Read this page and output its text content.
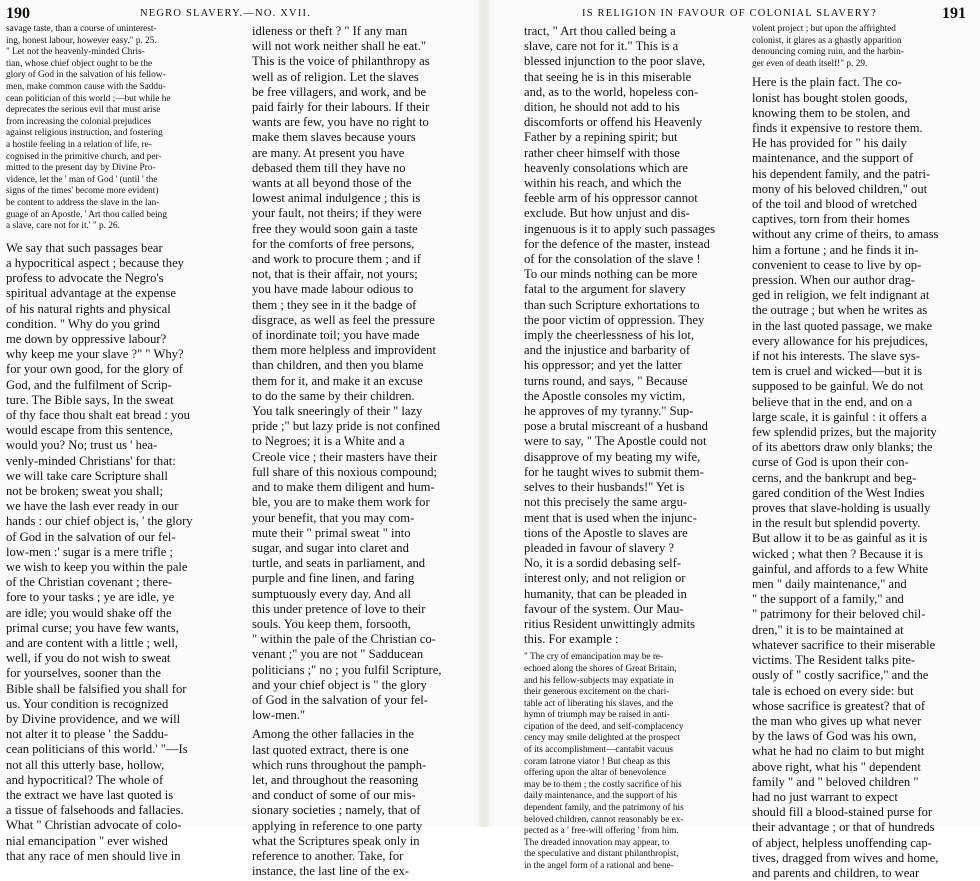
190	NEGRO SLAVERY.—NO. XVII.
savage taste, than a course of uninterest-
ing, honest labour, however easy." p. 25.
" Let not the heavenly-minded Chris-
tian, whose chief object ought to be the
glory of God in the salvation of his fellow-
men, make common cause with the Saddu-
cean politician of this world ;—but while he
deprecates the serious evil that must arise
from increasing the colonial prejudices
against religious instruction, and fostering
a hostile feeling in a relation of life, re-
cognised in the primitive church, and per-
mitted to the present day by Divine Pro-
vidence, let the ' man of God ' (until ' the
signs of the times' become more evident)
be content to address the slave in the lan-
guage of an Apostle, ' Art thou called being
a slave, care not for it.' " p. 26.
We say that such passages bear
a hypocritical aspect ; because they
profess to advocate the Negro's
spiritual advantage at the expense
of his natural rights and physical
condition. " Why do you grind
me down by oppressive labour?
why keep me your slave ?" " Why?
for your own good, for the glory of
God, and the fulfilment of Scrip-
ture. The Bible says, In the sweat
of thy face thou shalt eat bread : you
would escape from this sentence,
would you? No; trust us ' hea-
venly-minded Christians' for that:
we will take care Scripture shall
not be broken; sweat you shall;
we have the lash ever ready in our
hands : our chief object is, ' the glory
of God in the salvation of our fel-
low-men :' sugar is a mere trifle ;
we wish to keep you within the pale
of the Christian covenant ; there-
fore to your tasks ; ye are idle, ye
are idle; you would shake off the
primal curse; you have few wants,
and are content with a little ; well,
well, if you do not wish to sweat
for yourselves, sooner than the
Bible shall be falsified you shall for
us. Your condition is recognized
by Divine providence, and we will
not alter it to please ' the Saddu-
cean politicians of this world.' "—Is
not all this utterly base, hollow,
and hypocritical? The whole of
the extract we have last quoted is
a tissue of falsehoods and fallacies.
What " Christian advocate of colo-
nial emancipation " ever wished
that any race of men should live in
idleness or theft ? " If any man
will not work neither shall he eat."
This is the voice of philanthropy as
well as of religion. Let the slaves
be free villagers, and work, and be
paid fairly for their labours. If their
wants are few, you have no right to
make them slaves because yours
are many. At present you have
debased them till they have no
wants at all beyond those of the
lowest animal indulgence ; this is
your fault, not theirs; if they were
free they would soon gain a taste
for the comforts of free persons,
and work to procure them ; and if
not, that is their affair, not yours;
you have made labour odious to
them ; they see in it the badge of
disgrace, as well as feel the pressure
of inordinate toil; you have made
them more helpless and improvident
than children, and then you blame
them for it, and make it an excuse
to do the same by their children.
You talk sneeringly of their " lazy
pride ;" but lazy pride is not confined
to Negroes; it is a White and a
Creole vice ; their masters have their
full share of this noxious compound;
and to make them diligent and hum-
ble, you are to make them work for
your benefit, that you may com-
mute their " primal sweat " into
sugar, and sugar into claret and
turtle, and seats in parliament, and
purple and fine linen, and faring
sumptuously every day. And all
this under pretence of love to their
souls. You keep them, forsooth,
" within the pale of the Christian co-
venant ;" you are not " Sadducean
politicians ;" no ; you fulfil Scripture,
and your chief object is " the glory
of God in the salvation of your fel-
low-men."
Among the other fallacies in the
last quoted extract, there is one
which runs throughout the pamph-
let, and throughout the reasoning
and conduct of some of our mis-
sionary societies ; namely, that of
applying in reference to one party
what the Scriptures speak only in
reference to another. Take, for
instance, the last line of the ex-
IS RELIGION IN FAVOUR OF COLONIAL SLAVERY?	191
tract, " Art thou called being a
slave, care not for it." This is a
blessed injunction to the poor slave,
that seeing he is in this miserable
and, as to the world, hopeless con-
dition, he should not add to his
discomforts or offend his Heavenly
Father by a repining spirit; but
rather cheer himself with those
heavenly consolations which are
within his reach, and which the
feeble arm of his oppressor cannot
exclude. But how unjust and dis-
ingenuous is it to apply such passages
for the defence of the master, instead
of for the consolation of the slave !
To our minds nothing can be more
fatal to the argument for slavery
than such Scripture exhortations to
the poor victim of oppression. They
imply the cheerlessness of his lot,
and the injustice and barbarity of
his oppressor; and yet the latter
turns round, and says, " Because
the Apostle consoles my victim,
he approves of my tyranny." Sup-
pose a brutal miscreant of a husband
were to say, " The Apostle could not
disapprove of my beating my wife,
for he taught wives to submit them-
selves to their husbands!" Yet is
not this precisely the same argu-
ment that is used when the injunc-
tions of the Apostle to slaves are
pleaded in favour of slavery ?
No, it is a sordid debasing self-
interest only, and not religion or
humanity, that can be pleaded in
favour of the system. Our Mau-
ritius Resident unwittingly admits
this. For example :
" The cry of emancipation may be re-
echoed along the shores of Great Britain,
and his fellow-subjects may expatiate in
their generous excitement on the chari-
table act of liberating his slaves, and the
hymn of triumph may be raised in anti-
cipation of the deed, and self-complacency
cency may smile delighted at the prospect
of its accomplishment—cantabit vacuus
coram latrone viator ! But cheap as this
offering upon the altar of benevolence
may be to them ; the costly sacrifice of his
daily maintenance, and the support of his
dependent family, and the patrimony of his
beloved children, cannot reasonably be ex-
pected as a ' free-will offering ' from him.
The dreaded innovation may appear, to
the speculative and distant philanthropist,
in the angel form of a rational and bene-
volent project ; but upon the affrighted
colonist, it glares as a ghastly apparition
denouncing coming ruin, and the harbin-
ger even of death itself!" p. 29.
Here is the plain fact. The co-
lonist has bought stolen goods,
knowing them to be stolen, and
finds it expensive to restore them.
He has provided for " his daily
maintenance, and the support of
his dependent family, and the patri-
mony of his beloved children," out
of the toil and blood of wretched
captives, torn from their homes
without any crime of theirs, to amass
him a fortune ; and he finds it in-
convenient to cease to live by op-
pression. When our author drag-
ged in religion, we felt indignant at
the outrage ; but when he writes as
in the last quoted passage, we make
every allowance for his prejudices,
if not his interests. The slave sys-
tem is cruel and wicked—but it is
supposed to be gainful. We do not
believe that in the end, and on a
large scale, it is gainful : it offers a
few splendid prizes, but the majority
of its abettors draw only blanks; the
curse of God is upon their con-
cerns, and the bankrupt and beg-
gared condition of the West Indies
proves that slave-holding is usually
in the result but splendid poverty.
But allow it to be as gainful as it is
wicked ; what then ? Because it is
gainful, and affords to a few White
men " daily maintenance," and
" the support of a family," and
" patrimony for their beloved chil-
dren," it is to be maintained at
whatever sacrifice to their miserable
victims. The Resident talks pite-
ously of " costly sacrifice," and the
tale is echoed on every side: but
whose sacrifice is greatest? that of
the man who gives up what never
by the laws of God was his own,
what he had no claim to but might
above right, what his " dependent
family " and " beloved children "
had no just warrant to expect
should fill a blood-stained purse for
their advantage ; or that of hundreds
of abject, helpless unoffending cap-
tives, dragged from wives and home,
and parents and children, to wear
